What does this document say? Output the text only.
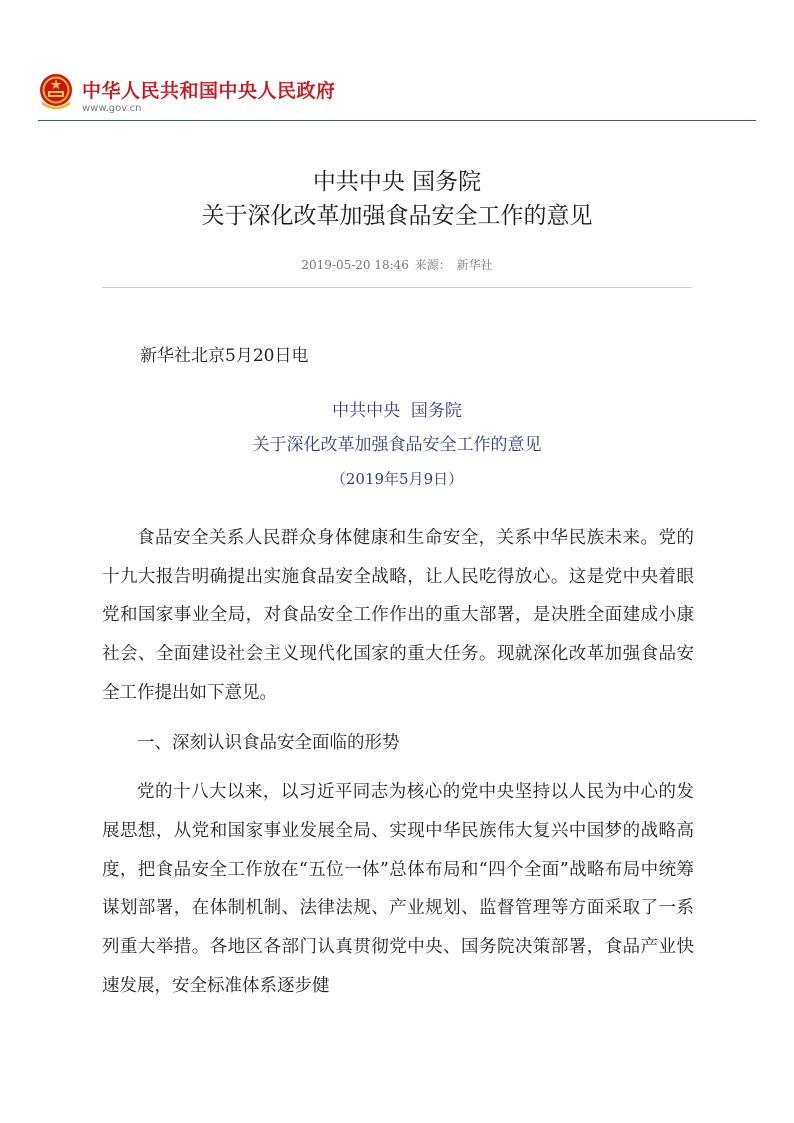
中华人民共和国中央人民政府
www.gov.cn
中共中央 国务院
关于深化改革加强食品安全工作的意见
2019-05-20 18:46 来源： 新华社
新华社北京5月20日电
中共中央  国务院
关于深化改革加强食品安全工作的意见
（2019年5月9日）

食品安全关系人民群众身体健康和生命安全，关系中华民族未来。党的十九大报告明确提出实施食品安全战略，让人民吃得放心。这是党中央着眼党和国家事业全局，对食品安全工作作出的重大部署，是决胜全面建成小康社会、全面建设社会主义现代化国家的重大任务。现就深化改革加强食品安全工作提出如下意见。

一、深刻认识食品安全面临的形势

党的十八大以来，以习近平同志为核心的党中央坚持以人民为中心的发展思想，从党和国家事业发展全局、实现中华民族伟大复兴中国梦的战略高度，把食品安全工作放在“五位一体”总体布局和“四个全面”战略布局中统筹谋划部署，在体制机制、法律法规、产业规划、监督管理等方面采取了一系列重大举措。各地区各部门认真贯彻党中央、国务院决策部署，食品产业快速发展，安全标准体系逐步健
